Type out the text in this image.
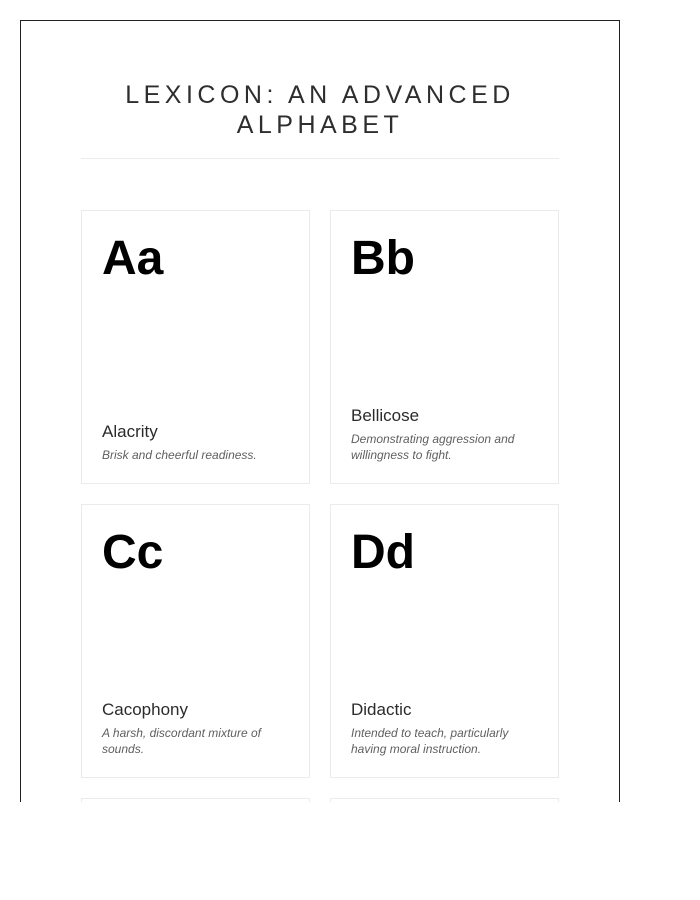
LEXICON: AN ADVANCED ALPHABET
Aa
Alacrity
Brisk and cheerful readiness.
Bb
Bellicose
Demonstrating aggression and willingness to fight.
Cc
Cacophony
A harsh, discordant mixture of sounds.
Dd
Didactic
Intended to teach, particularly having moral instruction.
